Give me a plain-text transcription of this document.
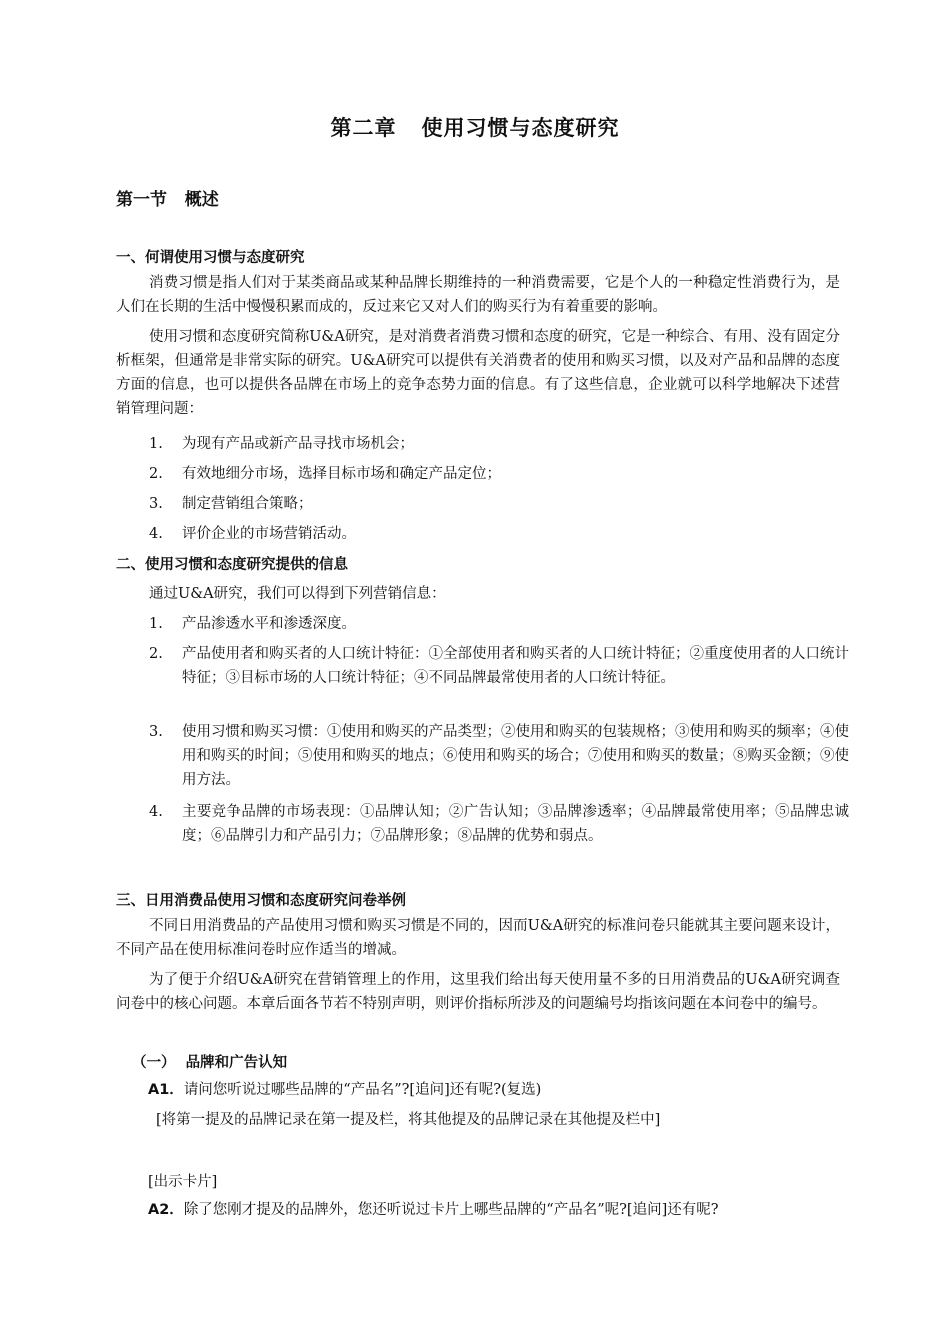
第二章   使用习惯与态度研究
第一节   概述
一、何谓使用习惯与态度研究
消费习惯是指人们对于某类商品或某种品牌长期维持的一种消费需要，它是个人的一种稳定性消费行为，是人们在长期的生活中慢慢积累而成的，反过来它又对人们的购买行为有着重要的影响。
使用习惯和态度研究简称U&A研究，是对消费者消费习惯和态度的研究，它是一种综合、有用、没有固定分析框架，但通常是非常实际的研究。U&A研究可以提供有关消费者的使用和购买习惯，以及对产品和品牌的态度方面的信息，也可以提供各品牌在市场上的竞争态势力面的信息。有了这些信息，企业就可以科学地解决下述营销管理问题：
1. 为现有产品或新产品寻找市场机会；
2. 有效地细分市场，选择目标市场和确定产品定位；
3. 制定营销组合策略；
4. 评价企业的市场营销活动。
二、使用习惯和态度研究提供的信息
通过U&A研究，我们可以得到下列营销信息：
1. 产品渗透水平和渗透深度。
2. 产品使用者和购买者的人口统计特征：①全部使用者和购买者的人口统计特征；②重度使用者的人口统计特征；③目标市场的人口统计特征；④不同品牌最常使用者的人口统计特征。
3. 使用习惯和购买习惯：①使用和购买的产品类型；②使用和购买的包装规格；③使用和购买的频率；④使用和购买的时间；⑤使用和购买的地点；⑥使用和购买的场合；⑦使用和购买的数量；⑧购买金额；⑨使用方法。
4. 主要竞争品牌的市场表现：①品牌认知；②广告认知；③品牌渗透率；④品牌最常使用率；⑤品牌忠诚度；⑥品牌引力和产品引力；⑦品牌形象；⑧品牌的优势和弱点。
三、日用消费品使用习惯和态度研究问卷举例
不同日用消费品的产品使用习惯和购买习惯是不同的，因而U&A研究的标准问卷只能就其主要问题来设计，不同产品在使用标准问卷时应作适当的增减。
为了便于介绍U&A研究在营销管理上的作用，这里我们给出每天使用量不多的日用消费品的U&A研究调查问卷中的核心问题。本章后面各节若不特别声明，则评价指标所涉及的问题编号均指该问题在本问卷中的编号。
（一）  品牌和广告认知
A1．请问您听说过哪些品牌的“产品名”?[追问]还有呢?(复选)
[将第一提及的品牌记录在第一提及栏，将其他提及的品牌记录在其他提及栏中]
[出示卡片]
A2．除了您刚才提及的品牌外，您还听说过卡片上哪些品牌的“产品名”呢?[追问]还有呢?
